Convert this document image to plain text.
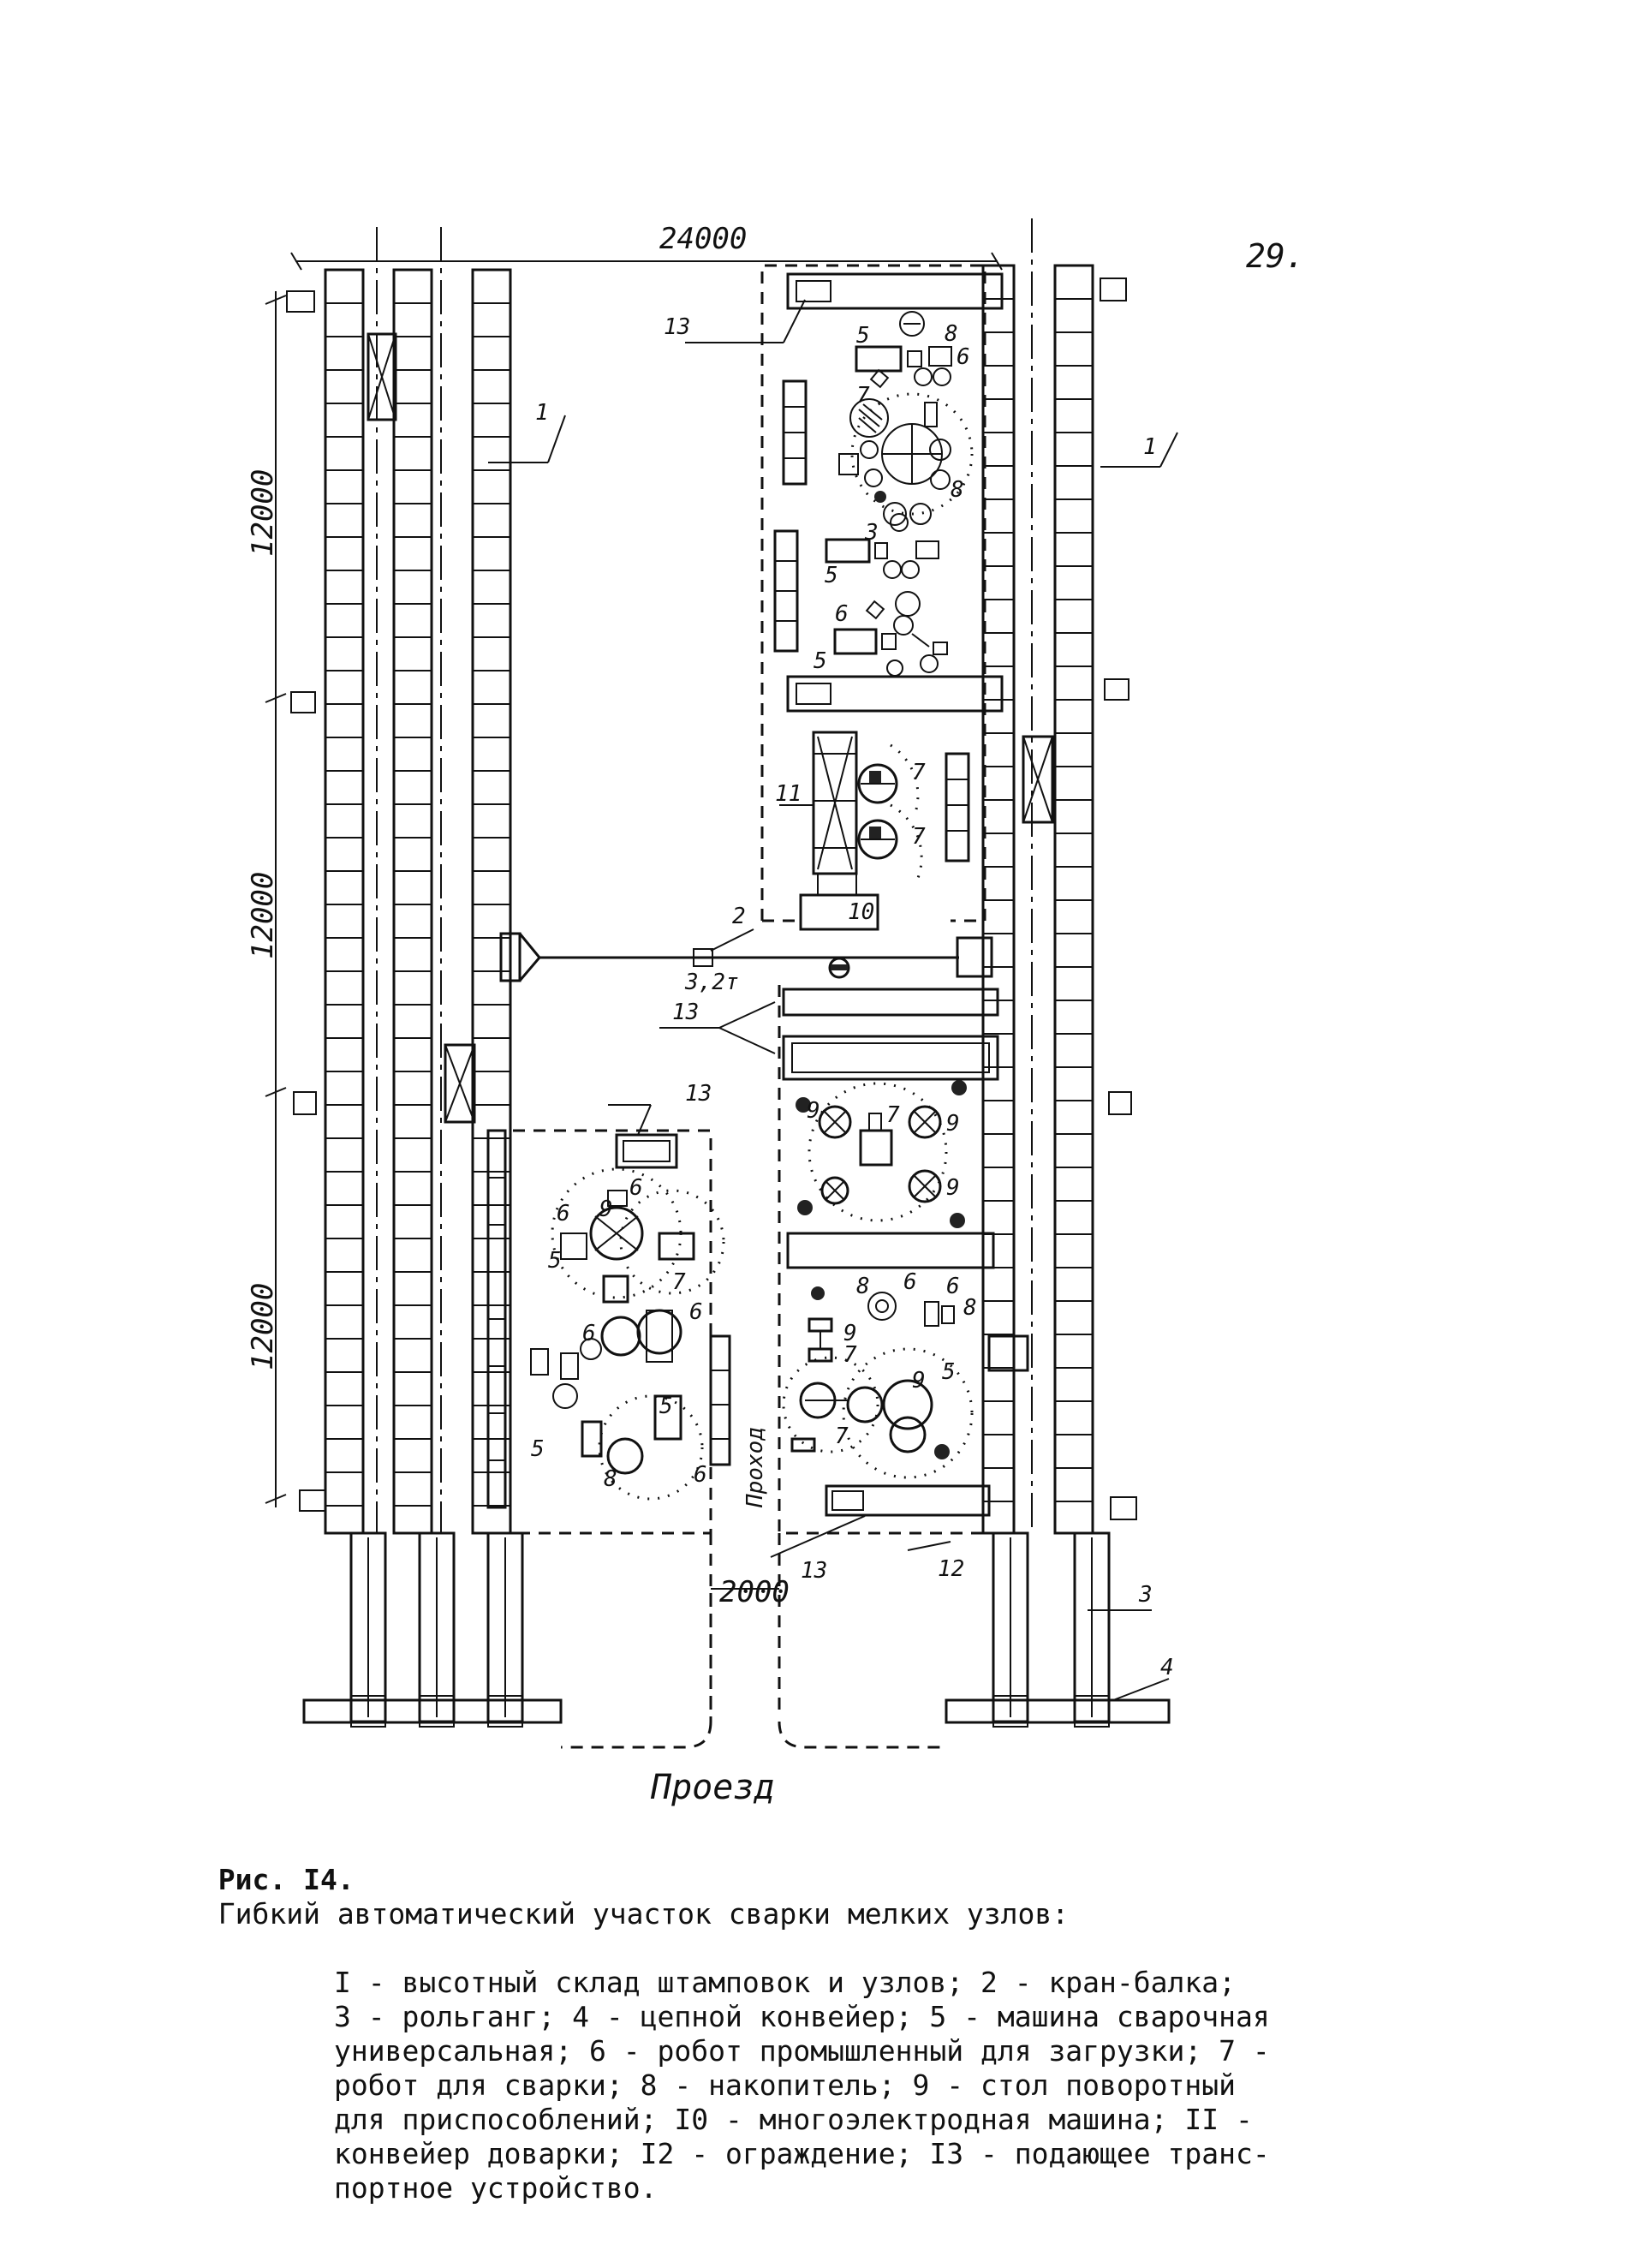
29.
24000
12000
12000
12000
1
1
3
4
13	5	8
6
7
3
5
5
6
8
11
7
7
10
2
3,2т
13
9	7 9
9
8 6 6
8
9
7
5
9
7
13	12
13
6
6
5
9
7
6
6
5
8	6
5
2000
Проход
Проезд

Рис. I4.
Гибкий автоматический участок сварки мелких узлов:

I - высотный склад штамповок и узлов; 2 - кран-балка;
3 - рольганг; 4 - цепной конвейер; 5 - машина сварочная
универсальная; 6 - робот промышленный для загрузки; 7 -
робот для сварки; 8 - накопитель; 9 - стол поворотный
для приспособлений; I0 - многоэлектродная машина; II -
конвейер доварки; I2 - ограждение; I3 - подающее транс-
портное устройство.
